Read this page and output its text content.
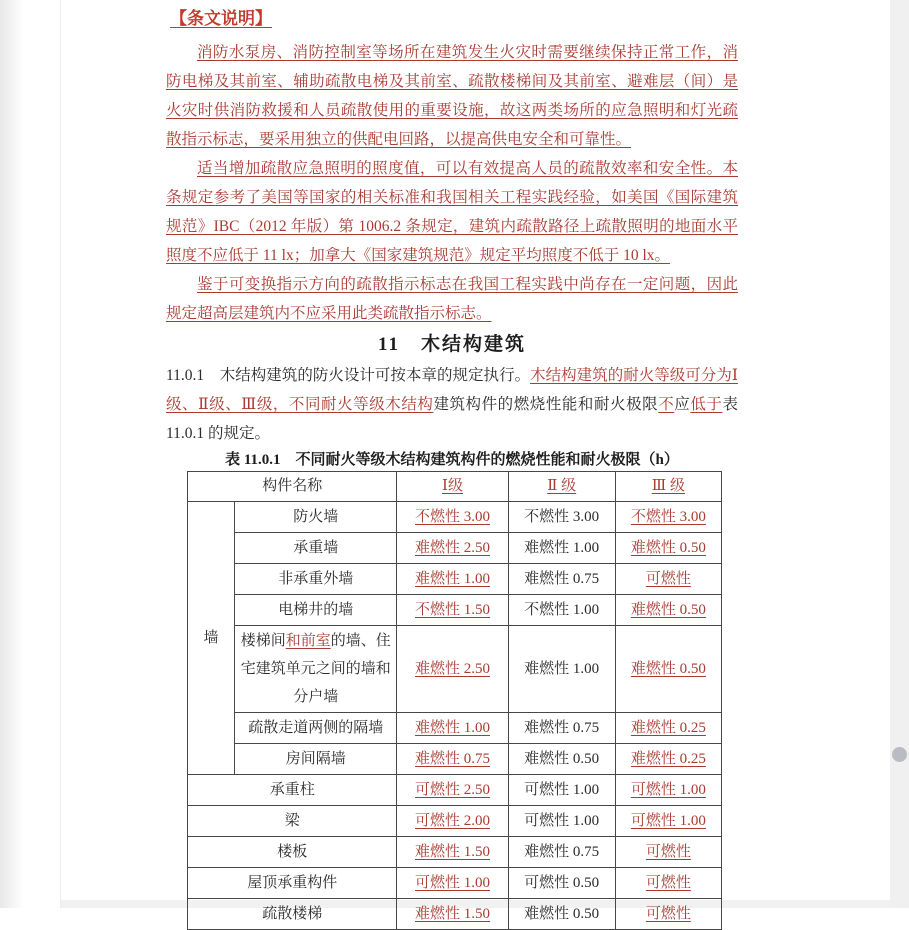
【条文说明】

消防水泵房、消防控制室等场所在建筑发生火灾时需要继续保持正常工作，消防电梯及其前室、辅助疏散电梯及其前室、疏散楼梯间及其前室、避难层（间）是火灾时供消防救援和人员疏散使用的重要设施，故这两类场所的应急照明和灯光疏散指示标志，要采用独立的供配电回路，以提高供电安全和可靠性。

适当增加疏散应急照明的照度值，可以有效提高人员的疏散效率和安全性。本条规定参考了美国等国家的相关标准和我国相关工程实践经验，如美国《国际建筑规范》IBC（2012 年版）第 1006.2 条规定，建筑内疏散路径上疏散照明的地面水平照度不应低于 11 lx；加拿大《国家建筑规范》规定平均照度不低于 10 lx。

鉴于可变换指示方向的疏散指示标志在我国工程实践中尚存在一定问题，因此规定超高层建筑内不应采用此类疏散指示标志。

11　木结构建筑

11.0.1　木结构建筑的防火设计可按本章的规定执行。木结构建筑的耐火等级可分为Ⅰ级、Ⅱ级、Ⅲ级，不同耐火等级木结构建筑构件的燃烧性能和耐火极限不应低于表 11.0.1 的规定。

表 11.0.1　不同耐火等级木结构建筑构件的燃烧性能和耐火极限（h）
构件名称		Ⅰ级	Ⅱ 级	Ⅲ 级
墙	防火墙	不燃性 3.00	不燃性 3.00	不燃性 3.00
	承重墙	难燃性 2.50	难燃性 1.00	难燃性 0.50
	非承重外墙	难燃性 1.00	难燃性 0.75	可燃性
	电梯井的墙	不燃性 1.50	不燃性 1.00	难燃性 0.50
	楼梯间和前室的墙、住宅建筑单元之间的墙和分户墙	难燃性 2.50	难燃性 1.00	难燃性 0.50
	疏散走道两侧的隔墙	难燃性 1.00	难燃性 0.75	难燃性 0.25
	房间隔墙	难燃性 0.75	难燃性 0.50	难燃性 0.25
承重柱		可燃性 2.50	可燃性 1.00	可燃性 1.00
梁		可燃性 2.00	可燃性 1.00	可燃性 1.00
楼板		难燃性 1.50	难燃性 0.75	可燃性
屋顶承重构件		可燃性 1.00	可燃性 0.50	可燃性
疏散楼梯		难燃性 1.50	难燃性 0.50	可燃性
